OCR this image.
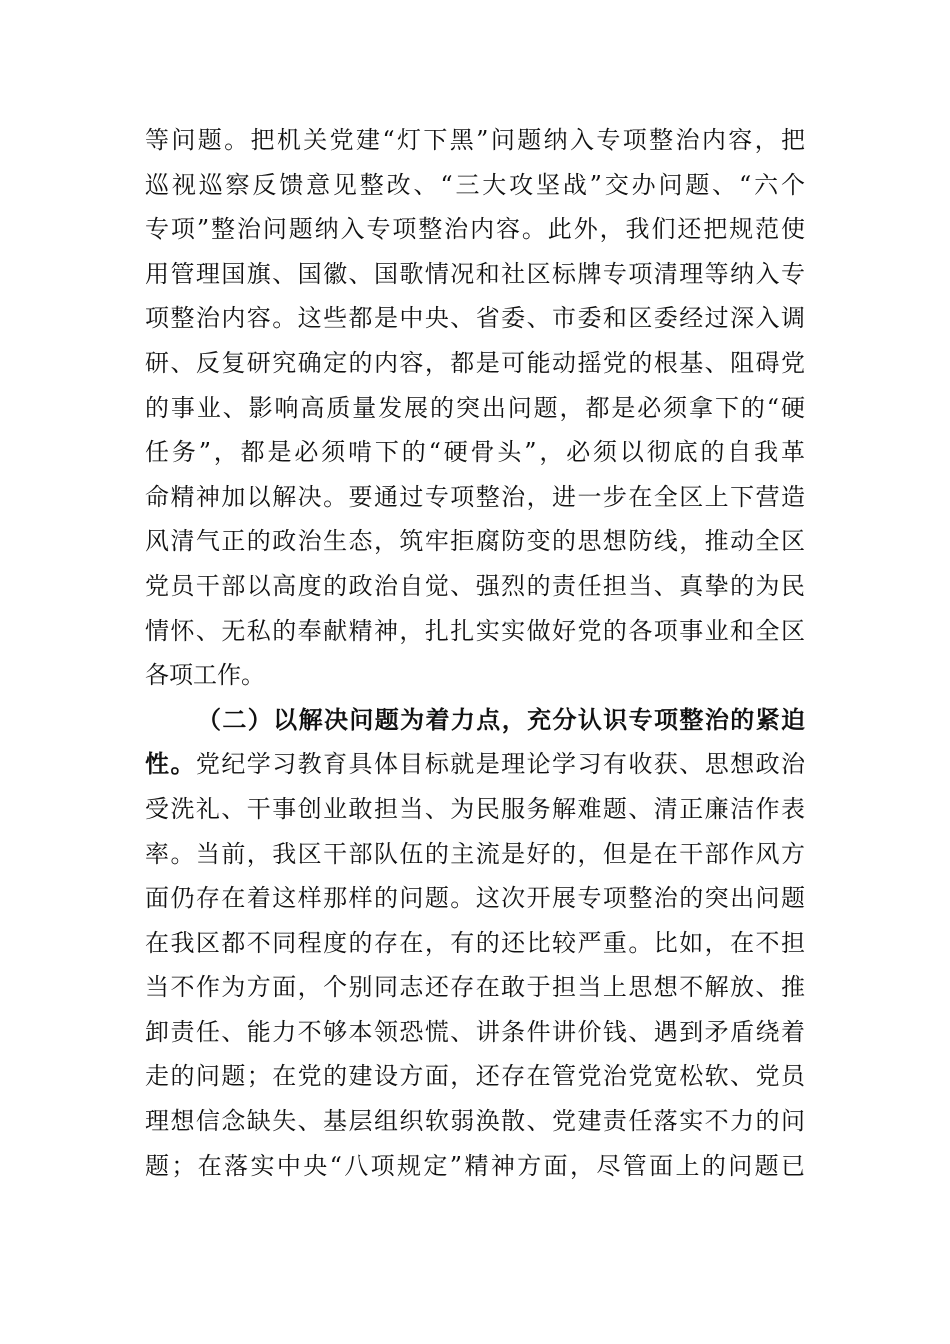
等问题。把机关党建“灯下黑”问题纳入专项整治内容，把
巡视巡察反馈意见整改、“三大攻坚战”交办问题、“六个
专项”整治问题纳入专项整治内容。此外，我们还把规范使
用管理国旗、国徽、国歌情况和社区标牌专项清理等纳入专
项整治内容。这些都是中央、省委、市委和区委经过深入调
研、反复研究确定的内容，都是可能动摇党的根基、阻碍党
的事业、影响高质量发展的突出问题，都是必须拿下的“硬
任务”，都是必须啃下的“硬骨头”，必须以彻底的自我革
命精神加以解决。要通过专项整治，进一步在全区上下营造
风清气正的政治生态，筑牢拒腐防变的思想防线，推动全区
党员干部以高度的政治自觉、强烈的责任担当、真挚的为民
情怀、无私的奉献精神，扎扎实实做好党的各项事业和全区
各项工作。
（二）以解决问题为着力点，充分认识专项整治的紧迫
性。党纪学习教育具体目标就是理论学习有收获、思想政治
受洗礼、干事创业敢担当、为民服务解难题、清正廉洁作表
率。当前，我区干部队伍的主流是好的，但是在干部作风方
面仍存在着这样那样的问题。这次开展专项整治的突出问题
在我区都不同程度的存在，有的还比较严重。比如，在不担
当不作为方面，个别同志还存在敢于担当上思想不解放、推
卸责任、能力不够本领恐慌、讲条件讲价钱、遇到矛盾绕着
走的问题；在党的建设方面，还存在管党治党宽松软、党员
理想信念缺失、基层组织软弱涣散、党建责任落实不力的问
题；在落实中央“八项规定”精神方面，尽管面上的问题已
